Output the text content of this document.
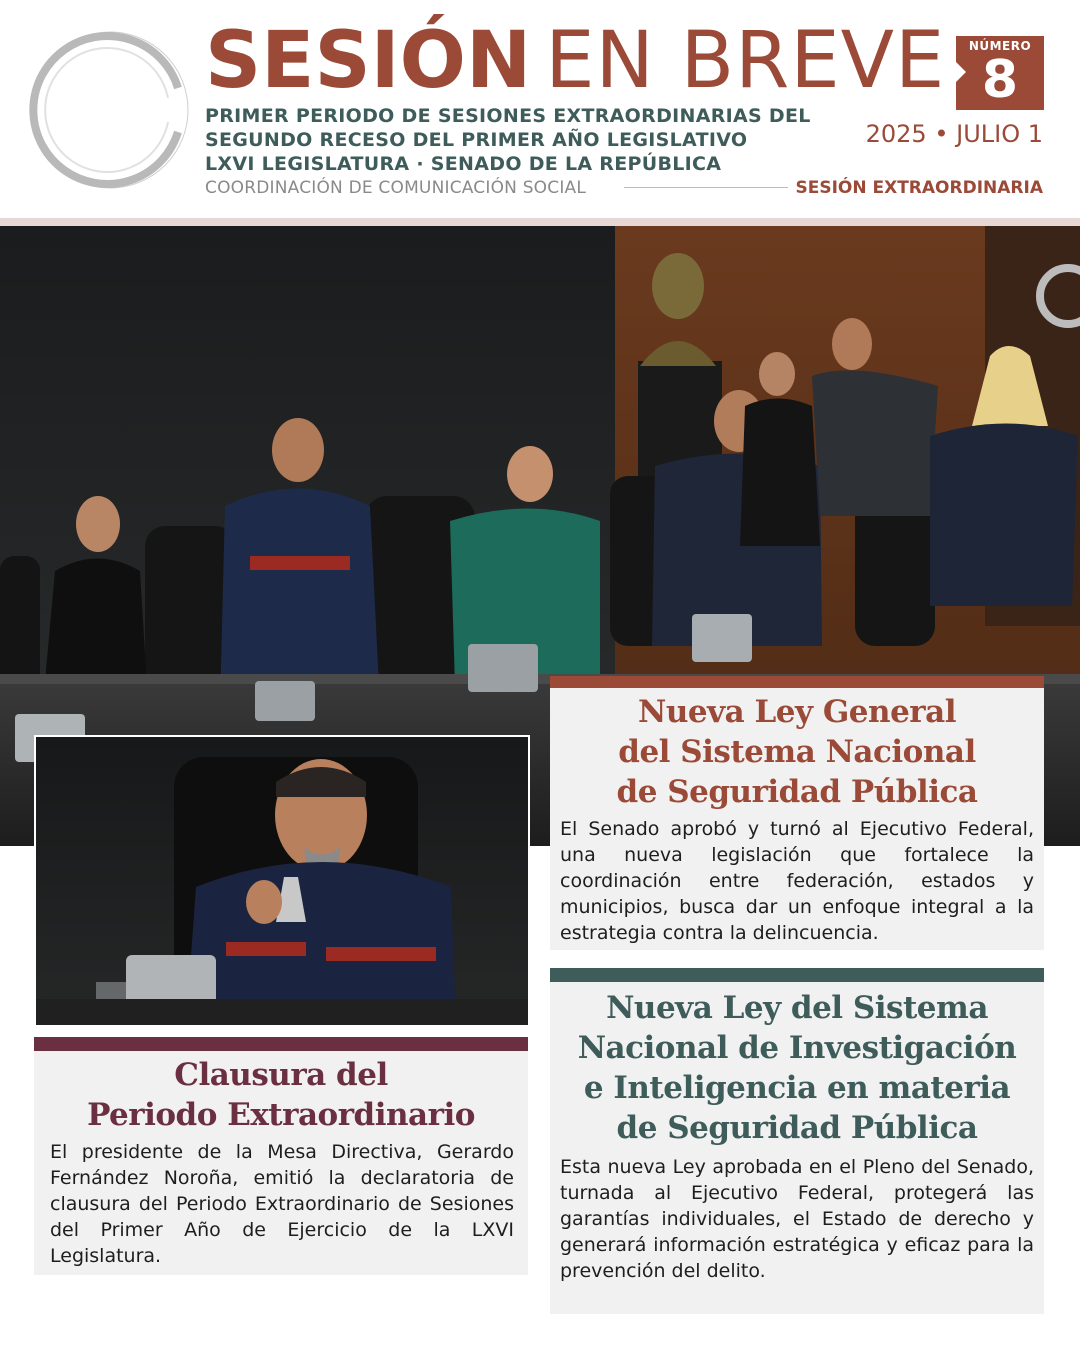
SESIÓN EN BREVE
PRIMER PERIODO DE SESIONES EXTRAORDINARIAS DEL
SEGUNDO RECESO DEL PRIMER AÑO LEGISLATIVO
LXVI LEGISLATURA · SENADO DE LA REPÚBLICA
COORDINACIÓN DE COMUNICACIÓN SOCIAL	SESIÓN EXTRAORDINARIA
NÚMERO
8
2025 • JULIO 1
Nueva Ley General
del Sistema Nacional
de Seguridad Pública
El Senado aprobó y turnó al Ejecutivo Federal, una nueva legislación que fortalece la coordinación entre federación, estados y municipios, busca dar un enfoque integral a la estrategia contra la delincuencia.
Nueva Ley del Sistema
Nacional de Investigación
e Inteligencia en materia
de Seguridad Pública
Esta nueva Ley aprobada en el Pleno del Senado, turnada al Ejecutivo Federal, protegerá las garantías individuales, el Estado de derecho y generará información estratégica y eficaz para la prevención del delito.
Clausura del
Periodo Extraordinario
El presidente de la Mesa Directiva, Gerardo Fernández Noroña, emitió la declaratoria de clausura del Periodo Extraordinario de Sesiones del Primer Año de Ejercicio de la LXVI Legislatura.
